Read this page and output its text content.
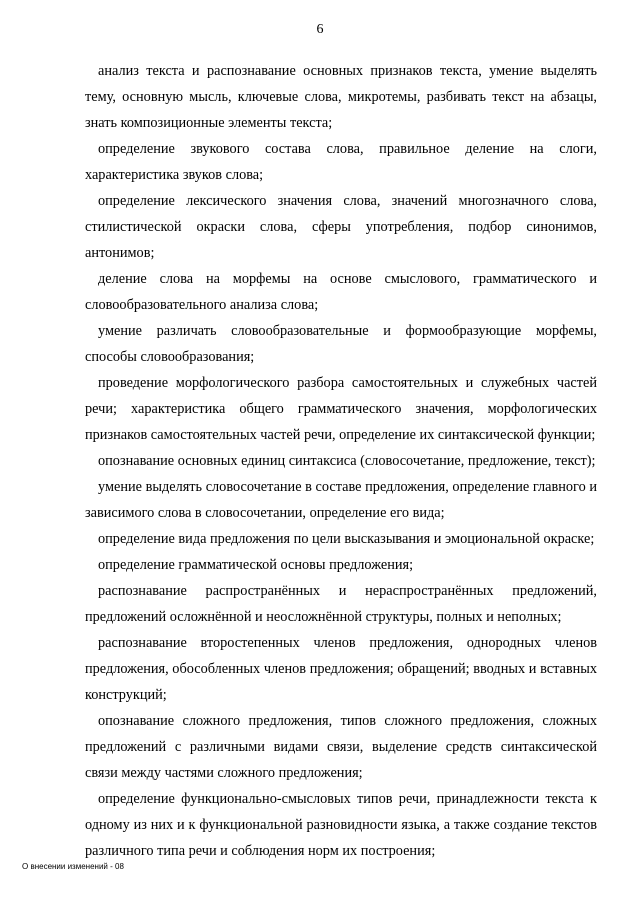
6

анализ текста и распознавание основных признаков текста, умение выделять тему, основную мысль, ключевые слова, микротемы, разбивать текст на абзацы, знать композиционные элементы текста;

определение звукового состава слова, правильное деление на слоги, характеристика звуков слова;

определение лексического значения слова, значений многозначного слова, стилистической окраски слова, сферы употребления, подбор синонимов, антонимов;

деление слова на морфемы на основе смыслового, грамматического и словообразовательного анализа слова;

умение различать словообразовательные и формообразующие морфемы, способы словообразования;

проведение морфологического разбора самостоятельных и служебных частей речи; характеристика общего грамматического значения, морфологических признаков самостоятельных частей речи, определение их синтаксической функции;

опознавание основных единиц синтаксиса (словосочетание, предложение, текст);

умение выделять словосочетание в составе предложения, определение главного и зависимого слова в словосочетании, определение его вида;

определение вида предложения по цели высказывания и эмоциональной окраске;

определение грамматической основы предложения;

распознавание распространённых и нераспространённых предложений, предложений осложнённой и неосложнённой структуры, полных и неполных;

распознавание второстепенных членов предложения, однородных членов предложения, обособленных членов предложения; обращений; вводных и вставных конструкций;

опознавание сложного предложения, типов сложного предложения, сложных предложений с различными видами связи, выделение средств синтаксической связи между частями сложного предложения;

определение функционально-смысловых типов речи, принадлежности текста к одному из них и к функциональной разновидности языка, а также создание текстов различного типа речи и соблюдения норм их построения;

О внесении изменений - 08
